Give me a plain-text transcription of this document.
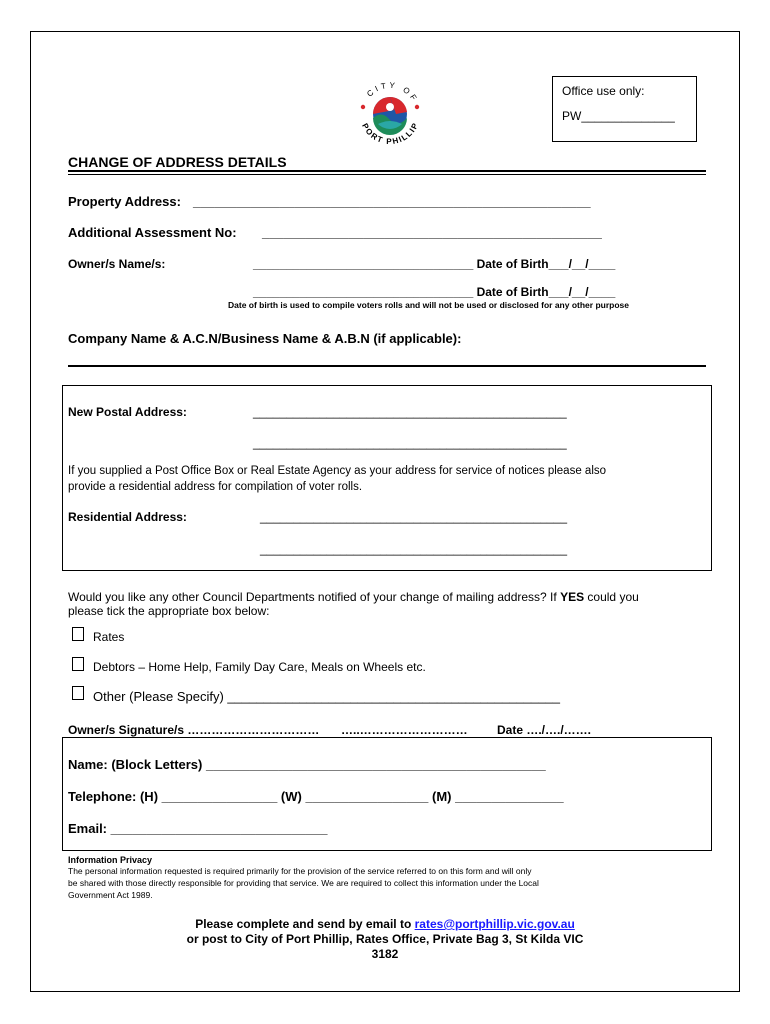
CITY OF
PORT PHILLIP
Office use only:
PW______________
CHANGE OF ADDRESS DETAILS
Property Address: _______________________________________________________
Additional Assessment No: _______________________________________________
Owner/s Name/s:	_________________________________ Date of Birth___/__/____
_________________________________ Date of Birth___/__/____
Date of birth is used to compile voters rolls and will not be used or disclosed for any other purpose
Company Name & A.C.N/Business Name & A.B.N (if applicable):
New Postal Address:	_______________________________________________
_______________________________________________
If you supplied a Post Office Box or Real Estate Agency as your address for service of notices please also
provide a residential address for compilation of voter rolls.
Residential Address:	______________________________________________
______________________________________________
Would you like any other Council Departments notified of your change of mailing address? If YES could you
please tick the appropriate box below:
Rates
Debtors – Home Help, Family Day Care, Meals on Wheels etc.
Other (Please Specify) ______________________________________________
Owner/s Signature/s …………………………… …..……………………… Date …./…./…….
Name: (Block Letters) _______________________________________________
Telephone: (H) ________________ (W) _________________ (M) _______________
Email: ______________________________
Information Privacy
The personal information requested is required primarily for the provision of the service referred to on this form and will only
be shared with those directly responsible for providing that service. We are required to collect this information under the Local
Government Act 1989.
Please complete and send by email to rates@portphillip.vic.gov.au
or post to City of Port Phillip, Rates Office, Private Bag 3, St Kilda VIC
3182
